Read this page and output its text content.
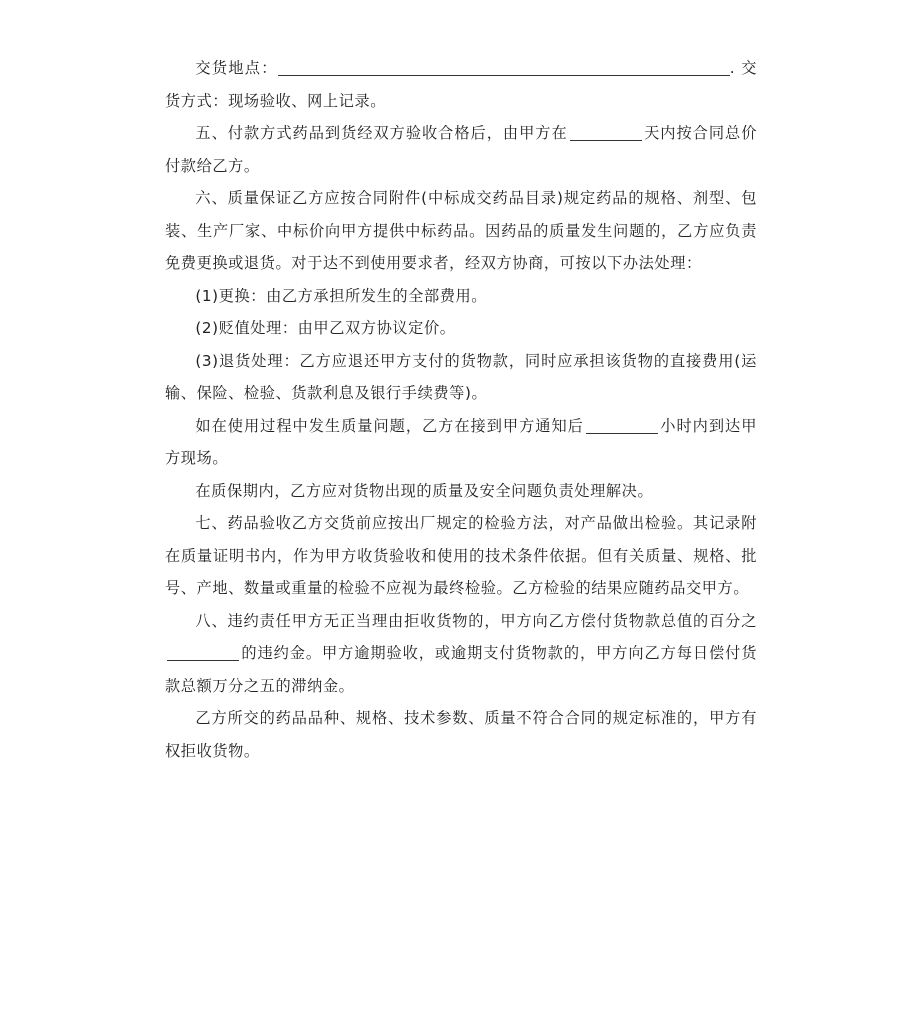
交货地点：	. 交货方式：现场验收、网上记录。

五、付款方式药品到货经双方验收合格后，由甲方在	天内按合同总价付款给乙方。

六、质量保证乙方应按合同附件(中标成交药品目录)规定药品的规格、剂型、包装、生产厂家、中标价向甲方提供中标药品。因药品的质量发生问题的，乙方应负责免费更换或退货。对于达不到使用要求者，经双方协商，可按以下办法处理：

(1)更换：由乙方承担所发生的全部费用。

(2)贬值处理：由甲乙双方协议定价。

(3)退货处理：乙方应退还甲方支付的货物款，同时应承担该货物的直接费用(运输、保险、检验、货款利息及银行手续费等)。

如在使用过程中发生质量问题，乙方在接到甲方通知后	小时内到达甲方现场。

在质保期内，乙方应对货物出现的质量及安全问题负责处理解决。

七、药品验收乙方交货前应按出厂规定的检验方法，对产品做出检验。其记录附在质量证明书内，作为甲方收货验收和使用的技术条件依据。但有关质量、规格、批号、产地、数量或重量的检验不应视为最终检验。乙方检验的结果应随药品交甲方。

八、违约责任甲方无正当理由拒收货物的，甲方向乙方偿付货物款总值的百分之的违约金。甲方逾期验收，或逾期支付货物款的，甲方向乙方每日偿付货款总额万分之五的滞纳金。

乙方所交的药品品种、规格、技术参数、质量不符合合同的规定标准的，甲方有权拒收货物。
